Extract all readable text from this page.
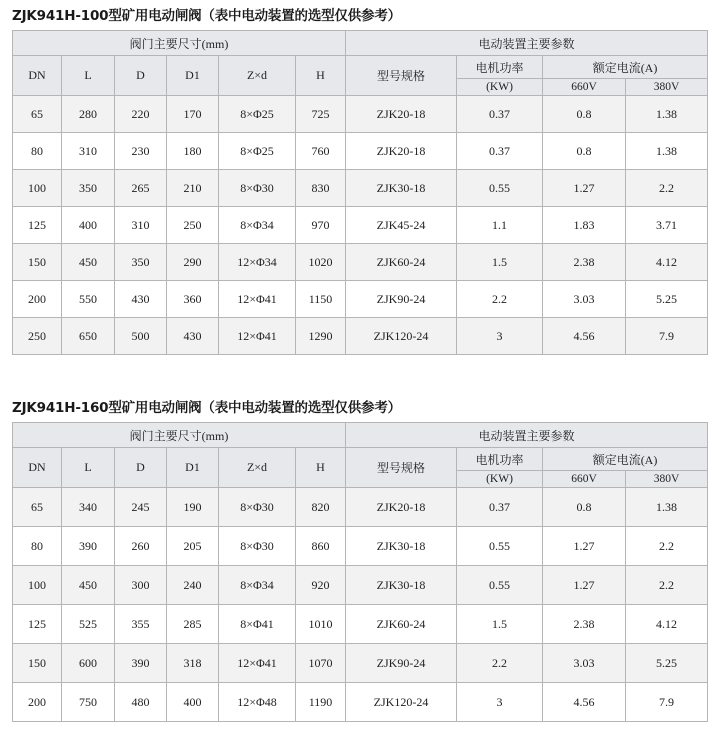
ZJK941H-100型矿用电动闸阀（表中电动装置的选型仅供参考）
阀门主要尺寸(mm)						电动装置主要参数			
DN	L	D	D1	Z×d	H	型号规格	电机功率	额定电流(A)	
							(KW)	660V	380V
65	280	220	170	8×Φ25	725	ZJK20-18	0.37	0.8	1.38
80	310	230	180	8×Φ25	760	ZJK20-18	0.37	0.8	1.38
100	350	265	210	8×Φ30	830	ZJK30-18	0.55	1.27	2.2
125	400	310	250	8×Φ34	970	ZJK45-24	1.1	1.83	3.71
150	450	350	290	12×Φ34	1020	ZJK60-24	1.5	2.38	4.12
200	550	430	360	12×Φ41	1150	ZJK90-24	2.2	3.03	5.25
250	650	500	430	12×Φ41	1290	ZJK120-24	3	4.56	7.9
ZJK941H-160型矿用电动闸阀（表中电动装置的选型仅供参考）
阀门主要尺寸(mm)						电动装置主要参数			
DN	L	D	D1	Z×d	H	型号规格	电机功率	额定电流(A)	
							(KW)	660V	380V
65	340	245	190	8×Φ30	820	ZJK20-18	0.37	0.8	1.38
80	390	260	205	8×Φ30	860	ZJK30-18	0.55	1.27	2.2
100	450	300	240	8×Φ34	920	ZJK30-18	0.55	1.27	2.2
125	525	355	285	8×Φ41	1010	ZJK60-24	1.5	2.38	4.12
150	600	390	318	12×Φ41	1070	ZJK90-24	2.2	3.03	5.25
200	750	480	400	12×Φ48	1190	ZJK120-24	3	4.56	7.9
